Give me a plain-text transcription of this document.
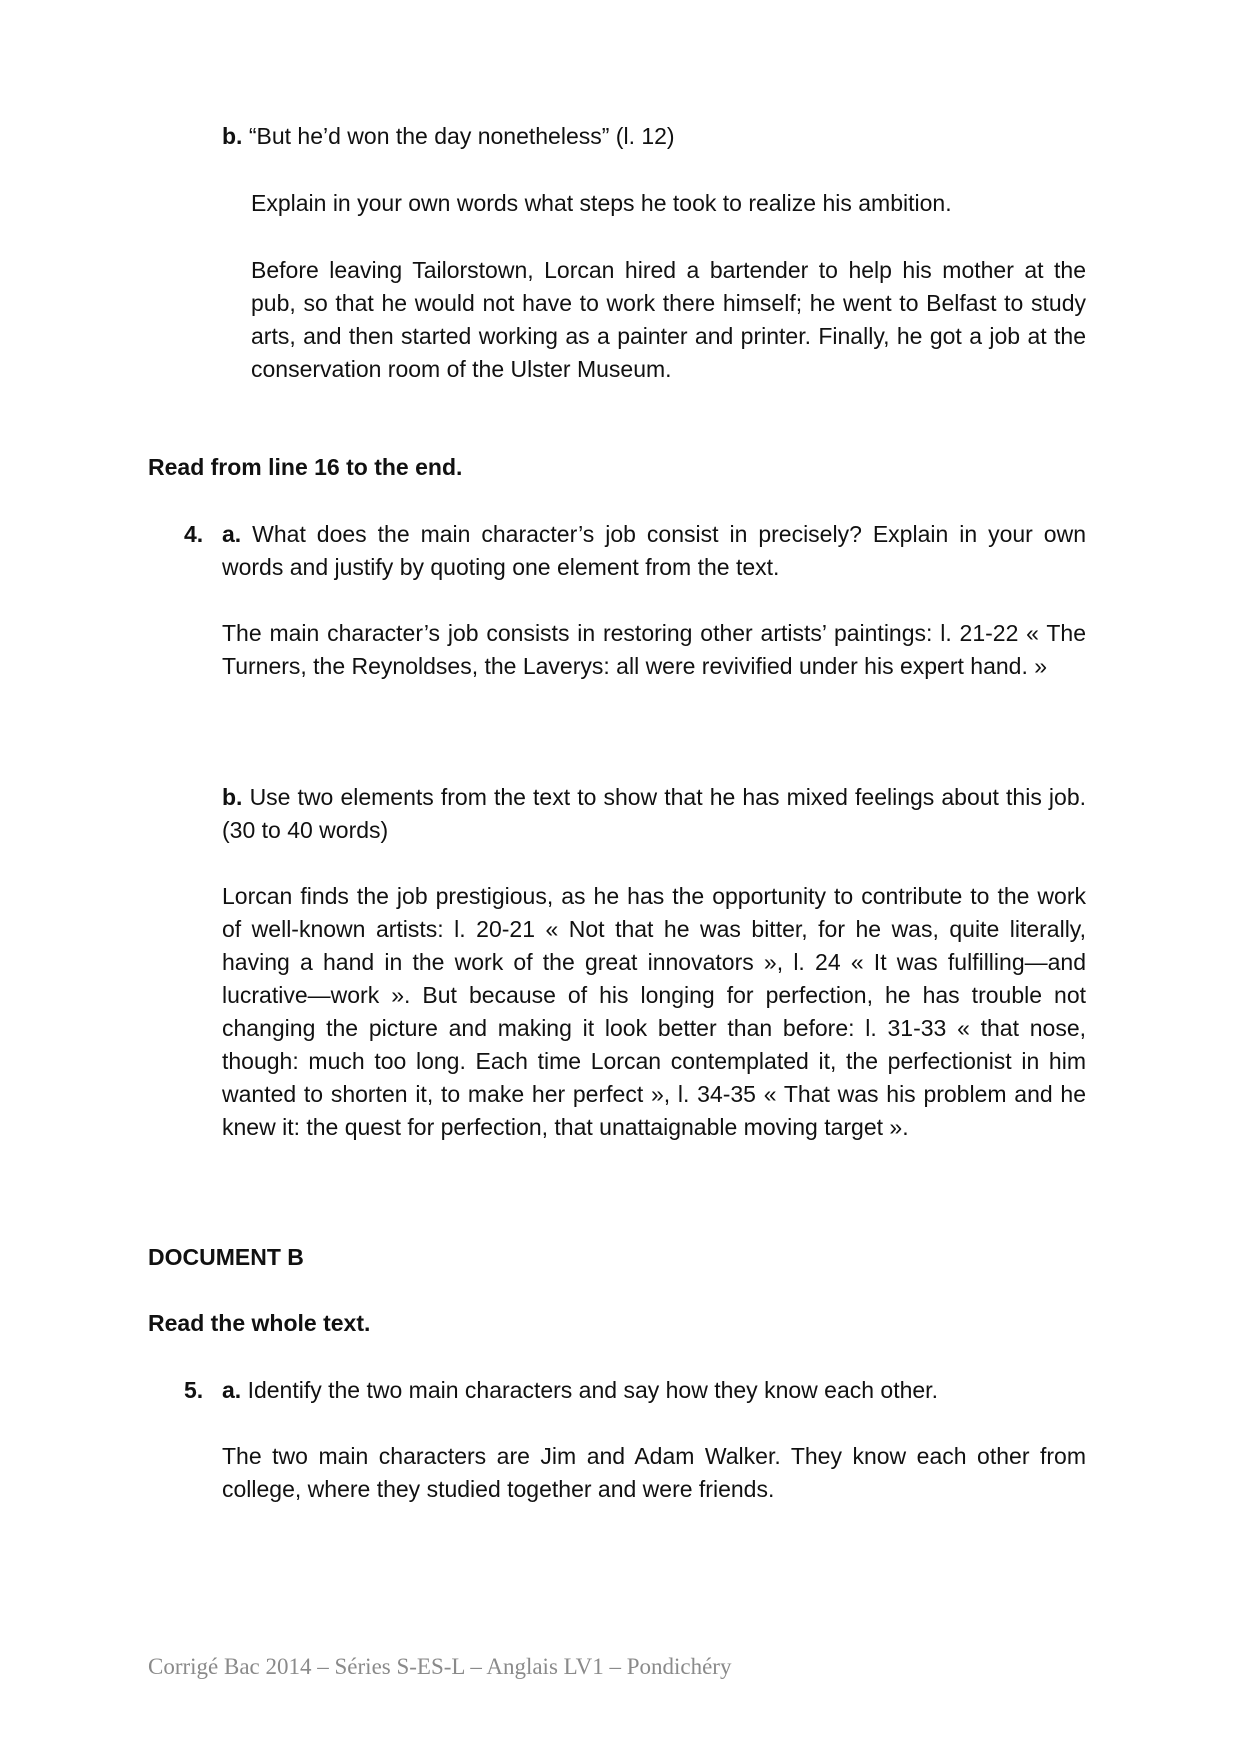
b. “But he’d won the day nonetheless” (l. 12)
Explain in your own words what steps he took to realize his ambition.
Before leaving Tailorstown, Lorcan hired a bartender to help his mother at the pub, so that he would not have to work there himself; he went to Belfast to study arts, and then started working as a painter and printer. Finally, he got a job at the conservation room of the Ulster Museum.
Read from line 16 to the end.
4. a. What does the main character’s job consist in precisely? Explain in your own words and justify by quoting one element from the text.
The main character’s job consists in restoring other artists’ paintings: l. 21-22 « The Turners, the Reynoldses, the Laverys: all were revivified under his expert hand. »
b. Use two elements from the text to show that he has mixed feelings about this job. (30 to 40 words)
Lorcan finds the job prestigious, as he has the opportunity to contribute to the work of well-known artists: l. 20-21 « Not that he was bitter, for he was, quite literally, having a hand in the work of the great innovators », l. 24 « It was fulfilling—and lucrative—work ». But because of his longing for perfection, he has trouble not changing the picture and making it look better than before: l. 31-33 « that nose, though: much too long. Each time Lorcan contemplated it, the perfectionist in him wanted to shorten it, to make her perfect », l. 34-35 « That was his problem and he knew it: the quest for perfection, that unattaignable moving target ».
DOCUMENT B
Read the whole text.
5. a. Identify the two main characters and say how they know each other.
The two main characters are Jim and Adam Walker. They know each other from college, where they studied together and were friends.
Corrigé Bac 2014 – Séries S-ES-L – Anglais LV1 – Pondichéry
